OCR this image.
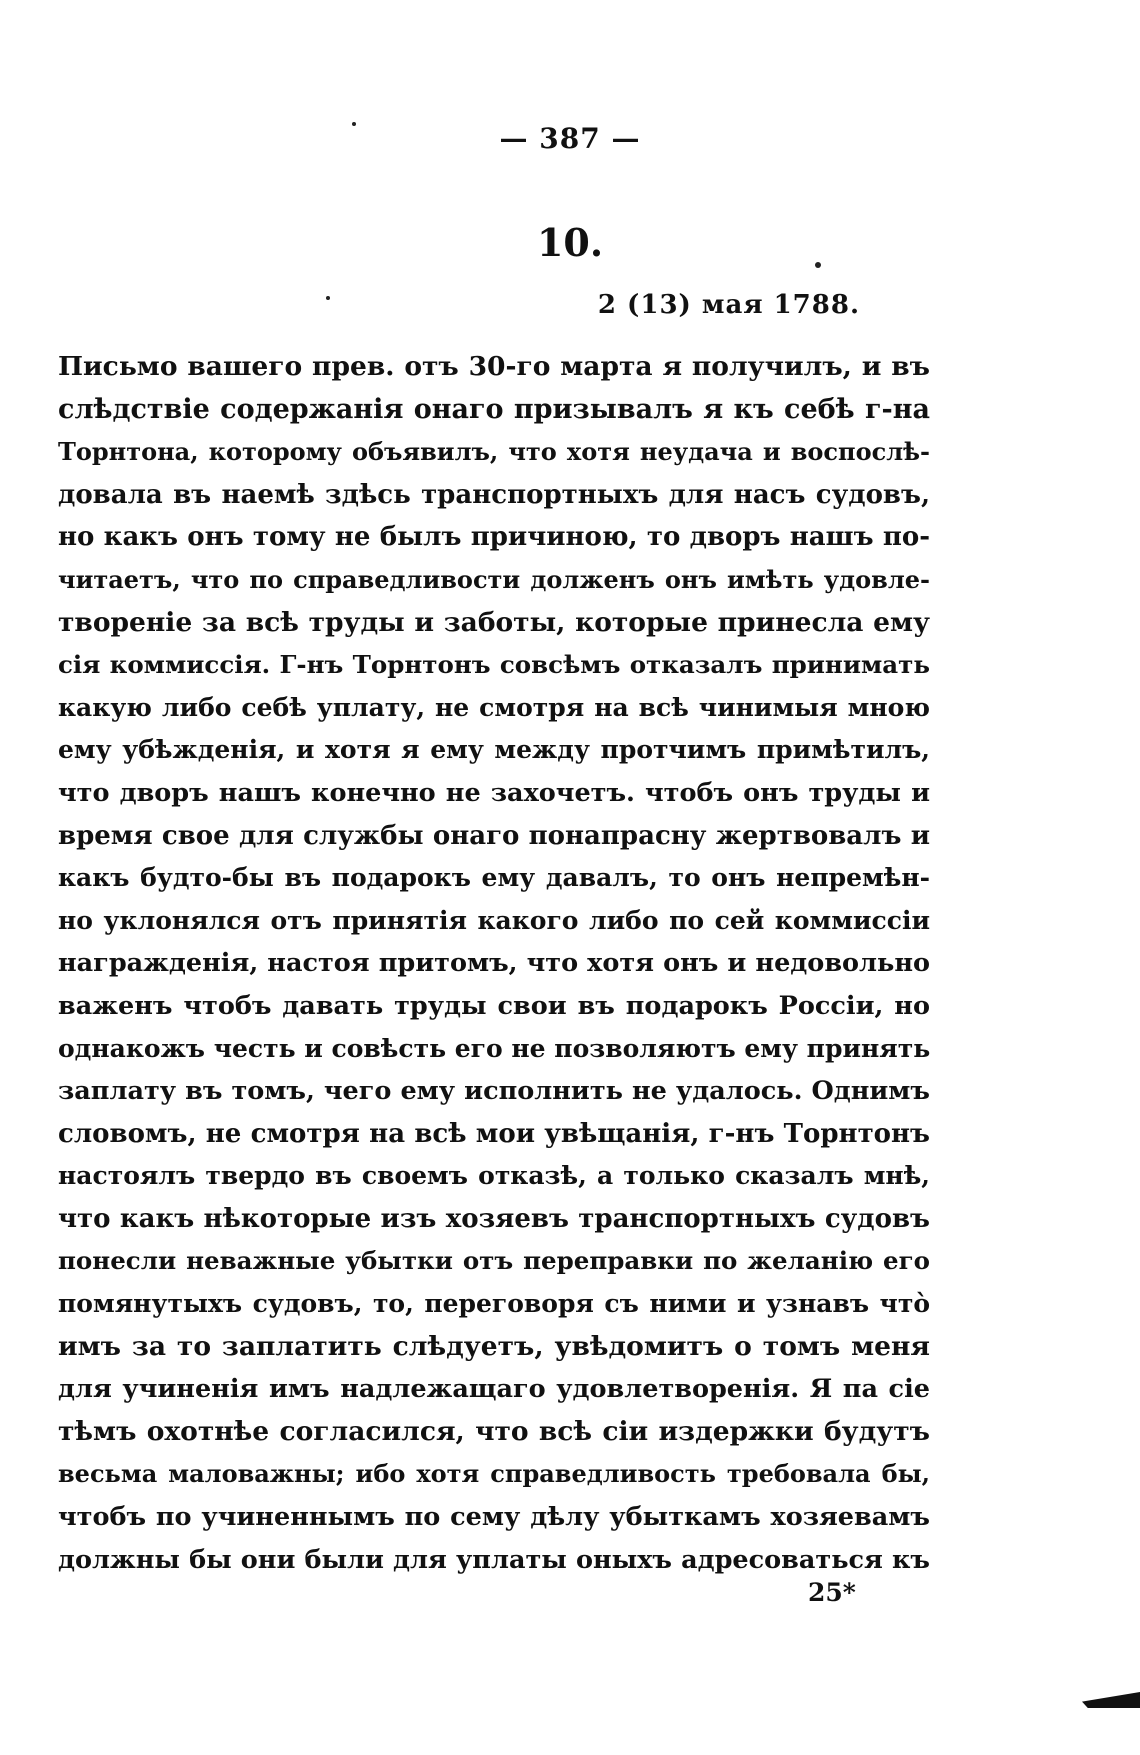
— 387 —
10.
2 (13) мая 1788.
Письмо вашего прев. отъ 30-го марта я получилъ, и въ
слѣдствіе содержанія онаго призывалъ я къ себѣ г-на
Торнтона, которому объявилъ, что хотя неудача и воспослѣ-
довала въ наемѣ здѣсь транспортныхъ для насъ судовъ,
но какъ онъ тому не былъ причиною, то дворъ нашъ по-
читаетъ, что по справедливости долженъ онъ имѣть удовле-
твореніе за всѣ труды и заботы, которые принесла ему
сія коммиссія. Г-нъ Торнтонъ совсѣмъ отказалъ принимать
какую либо себѣ уплату, не смотря на всѣ чинимыя мною
ему убѣжденія, и хотя я ему между протчимъ примѣтилъ,
что дворъ нашъ конечно не захочетъ. чтобъ онъ труды и
время свое для службы онаго понапрасну жертвовалъ и
какъ будто-бы въ подарокъ ему давалъ, то онъ непремѣн-
но уклонялся отъ принятія какого либо по сей коммиссіи
награжденія, настоя притомъ, что хотя онъ и недовольно
важенъ чтобъ давать труды свои въ подарокъ Россіи, но
однакожъ честь и совѣсть его не позволяютъ ему принять
заплату въ томъ, чего ему исполнить не удалось. Однимъ
словомъ, не смотря на всѣ мои увѣщанія, г-нъ Торнтонъ
настоялъ твердо въ своемъ отказѣ, а только сказалъ мнѣ,
что какъ нѣкоторые изъ хозяевъ транспортныхъ судовъ
понесли неважные убытки отъ переправки по желанію его
помянутыхъ судовъ, то, переговоря съ ними и узнавъ что̀
имъ за то заплатить слѣдуетъ, увѣдомитъ о томъ меня
для учиненія имъ надлежащаго удовлетворенія. Я па сіе
тѣмъ охотнѣе согласился, что всѣ сіи издержки будутъ
весьма маловажны; ибо хотя справедливость требовала бы,
чтобъ по учиненнымъ по сему дѣлу убыткамъ хозяевамъ
должны бы они были для уплаты оныхъ адресоваться къ
25*
